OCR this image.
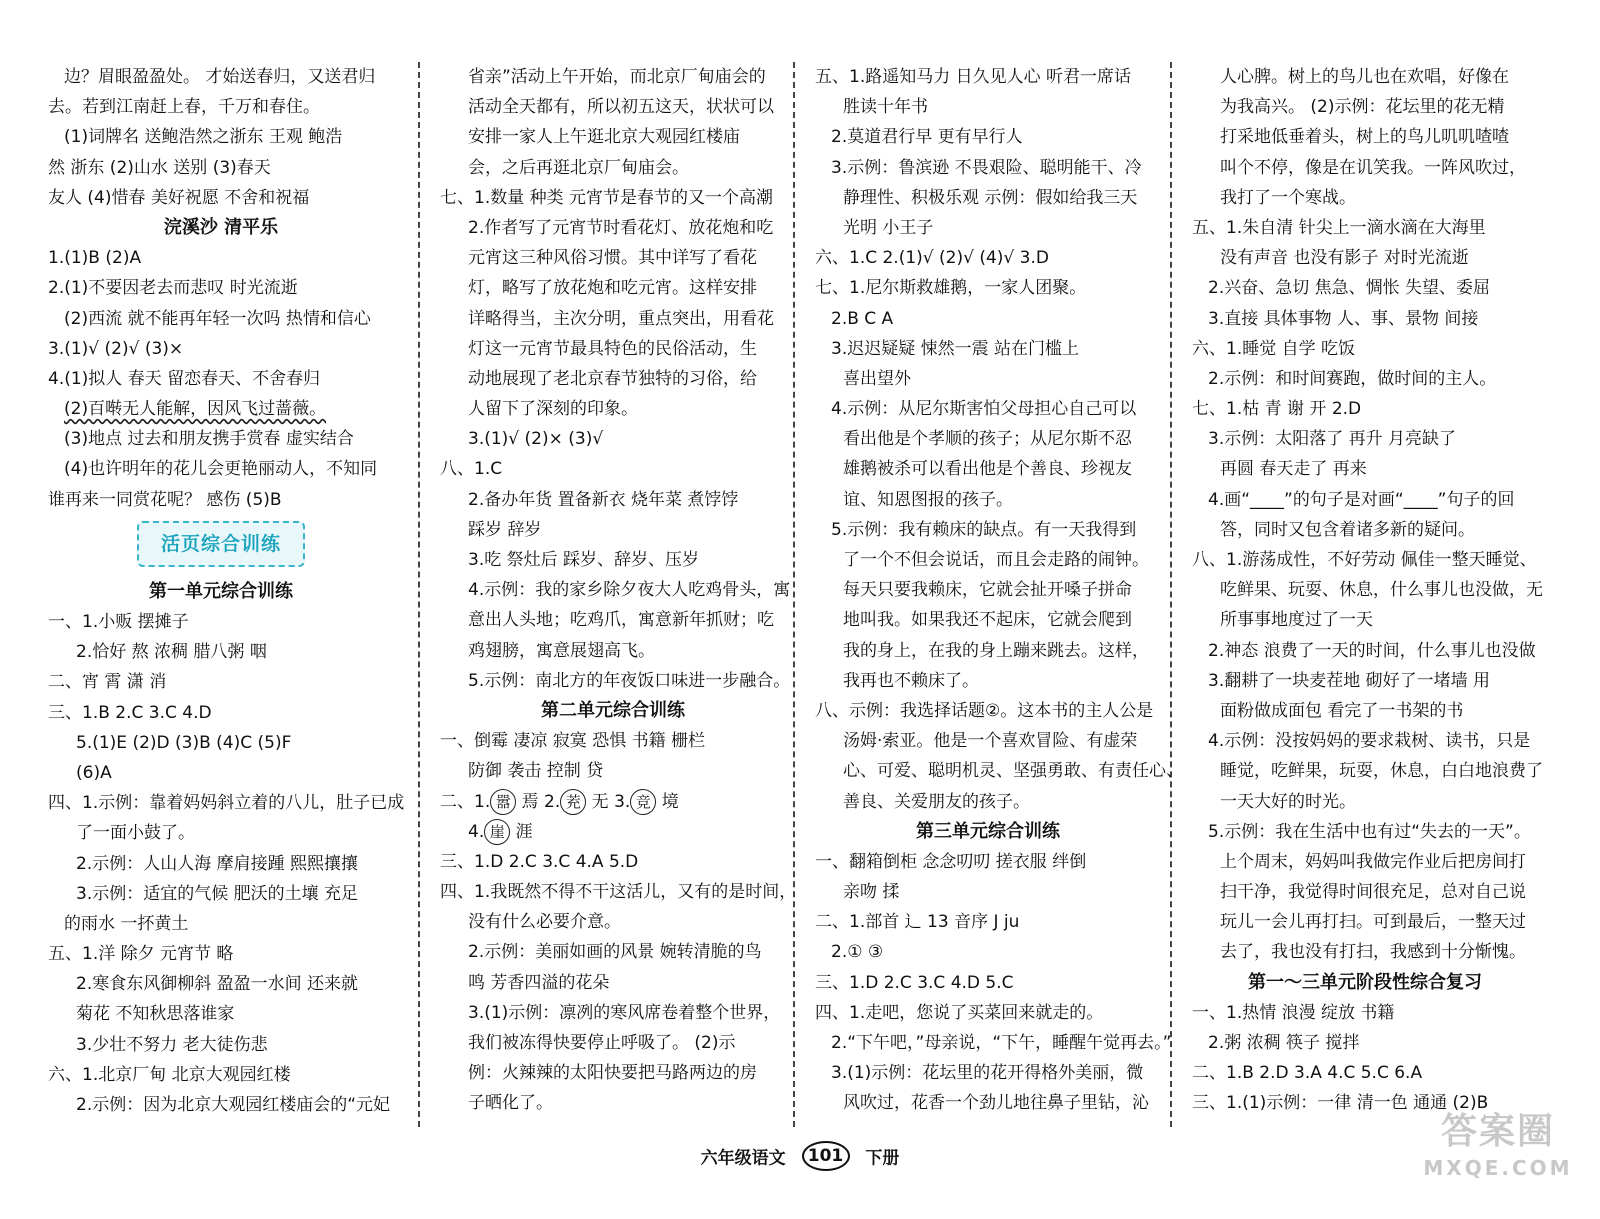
边？眉眼盈盈处。 才始送春归，又送君归
去。若到江南赶上春，千万和春住。
(1)词牌名 送鲍浩然之浙东 王观 鲍浩
然 浙东 (2)山水 送别 (3)春天
友人 (4)惜春 美好祝愿 不舍和祝福
浣溪沙 清平乐
1.(1)B (2)A
2.(1)不要因老去而悲叹 时光流逝
(2)西流 就不能再年轻一次吗 热情和信心
3.(1)√ (2)√ (3)×
4.(1)拟人 春天 留恋春天、不舍春归
(2)百啭无人能解，因风飞过蔷薇。
(3)地点 过去和朋友携手赏春 虚实结合
(4)也许明年的花儿会更艳丽动人，不知同
谁再来一同赏花呢？ 感伤 (5)B
活页综合训练
第一单元综合训练
一、1.小贩 摆摊子
2.恰好 熬 浓稠 腊八粥 咽
二、宵 霄 潇 消
三、1.B 2.C 3.C 4.D
5.(1)E (2)D (3)B (4)C (5)F
(6)A
四、1.示例：靠着妈妈斜立着的八儿，肚子已成
了一面小鼓了。
2.示例：人山人海 摩肩接踵 熙熙攘攘
3.示例：适宜的气候 肥沃的土壤 充足
的雨水 一抔黄土
五、1.洋 除夕 元宵节 略
2.寒食东风御柳斜 盈盈一水间 还来就
菊花 不知秋思落谁家
3.少壮不努力 老大徒伤悲
六、1.北京厂甸 北京大观园红楼
2.示例：因为北京大观园红楼庙会的“元妃
省亲”活动上午开始，而北京厂甸庙会的
活动全天都有，所以初五这天，状状可以
安排一家人上午逛北京大观园红楼庙
会，之后再逛北京厂甸庙会。
七、1.数量 种类 元宵节是春节的又一个高潮
2.作者写了元宵节时看花灯、放花炮和吃
元宵这三种风俗习惯。其中详写了看花
灯，略写了放花炮和吃元宵。这样安排
详略得当，主次分明，重点突出，用看花
灯这一元宵节最具特色的民俗活动，生
动地展现了老北京春节独特的习俗，给
人留下了深刻的印象。
3.(1)√ (2)× (3)√
八、1.C
2.备办年货 置备新衣 烧年菜 煮饽饽
踩岁 辞岁
3.吃 祭灶后 踩岁、辞岁、压岁
4.示例：我的家乡除夕夜大人吃鸡骨头，寓
意出人头地；吃鸡爪，寓意新年抓财；吃
鸡翅膀，寓意展翅高飞。
5.示例：南北方的年夜饭口味进一步融合。
第二单元综合训练
一、倒霉 凄凉 寂寞 恐惧 书籍 栅栏
防御 袭击 控制 贷
二、1. 嚣 焉 2. 茺 无 3. 竞 境
4. 崖 涯
三、1.D 2.C 3.C 4.A 5.D
四、1.我既然不得不干这活儿，又有的是时间，
没有什么必要介意。
2.示例：美丽如画的风景 婉转清脆的鸟
鸣 芳香四溢的花朵
3.(1)示例：凛冽的寒风席卷着整个世界，
我们被冻得快要停止呼吸了。 (2)示
例：火辣辣的太阳快要把马路两边的房
子晒化了。
五、1.路遥知马力 日久见人心 听君一席话
胜读十年书
2.莫道君行早 更有早行人
3.示例：鲁滨逊 不畏艰险、聪明能干、冷
静理性、积极乐观 示例：假如给我三天
光明 小王子
六、1.C 2.(1)√ (2)√ (4)√ 3.D
七、1.尼尔斯救雄鹅，一家人团聚。
2.B C A
3.迟迟疑疑 悚然一震 站在门槛上
喜出望外
4.示例：从尼尔斯害怕父母担心自己可以
看出他是个孝顺的孩子；从尼尔斯不忍
雄鹅被杀可以看出他是个善良、珍视友
谊、知恩图报的孩子。
5.示例：我有赖床的缺点。有一天我得到
了一个不但会说话，而且会走路的闹钟。
每天只要我赖床，它就会扯开嗓子拼命
地叫我。如果我还不起床，它就会爬到
我的身上，在我的身上蹦来跳去。这样，
我再也不赖床了。
八、示例：我选择话题②。这本书的主人公是
汤姆·索亚。他是一个喜欢冒险、有虚荣
心、可爱、聪明机灵、坚强勇敢、有责任心、
善良、关爱朋友的孩子。
第三单元综合训练
一、翻箱倒柜 念念叨叨 搓衣服 绊倒
亲吻 揉
二、1.部首 辶 13 音序 J ju
2.① ③
三、1.D 2.C 3.C 4.D 5.C
四、1.走吧，您说了买菜回来就走的。
2.“下午吧，”母亲说，“下午，睡醒午觉再去。”
3.(1)示例：花坛里的花开得格外美丽，微
风吹过，花香一个劲儿地往鼻子里钻，沁
人心脾。树上的鸟儿也在欢唱，好像在
为我高兴。 (2)示例：花坛里的花无精
打采地低垂着头，树上的鸟儿叽叽喳喳
叫个不停，像是在讥笑我。一阵风吹过，
我打了一个寒战。
五、1.朱自清 针尖上一滴水滴在大海里
没有声音 也没有影子 对时光流逝
2.兴奋、急切 焦急、惆怅 失望、委屈
3.直接 具体事物 人、事、景物 间接
六、1.睡觉 自学 吃饭
2.示例：和时间赛跑，做时间的主人。
七、1.枯 青 谢 开 2.D
3.示例：太阳落了 再升 月亮缺了
再圆 春天走了 再来
4.画“____”的句子是对画“____”句子的回
答，同时又包含着诸多新的疑问。
八、1.游荡成性，不好劳动 佩佳一整天睡觉、
吃鲜果、玩耍、休息，什么事儿也没做，无
所事事地度过了一天
2.神态 浪费了一天的时间，什么事儿也没做
3.翻耕了一块麦茬地 砌好了一堵墙 用
面粉做成面包 看完了一书架的书
4.示例：没按妈妈的要求栽树、读书，只是
睡觉，吃鲜果，玩耍，休息，白白地浪费了
一天大好的时光。
5.示例：我在生活中也有过“失去的一天”。
上个周末，妈妈叫我做完作业后把房间打
扫干净，我觉得时间很充足，总对自己说
玩儿一会儿再打扫。可到最后，一整天过
去了，我也没有打扫，我感到十分惭愧。
第一～三单元阶段性综合复习
一、1.热情 浪漫 绽放 书籍
2.粥 浓稠 筷子 搅拌
二、1.B 2.D 3.A 4.C 5.C 6.A
三、1.(1)示例：一律 清一色 通通 (2)B
六年级语文 101 下册
答案圈
MXQE.COM
